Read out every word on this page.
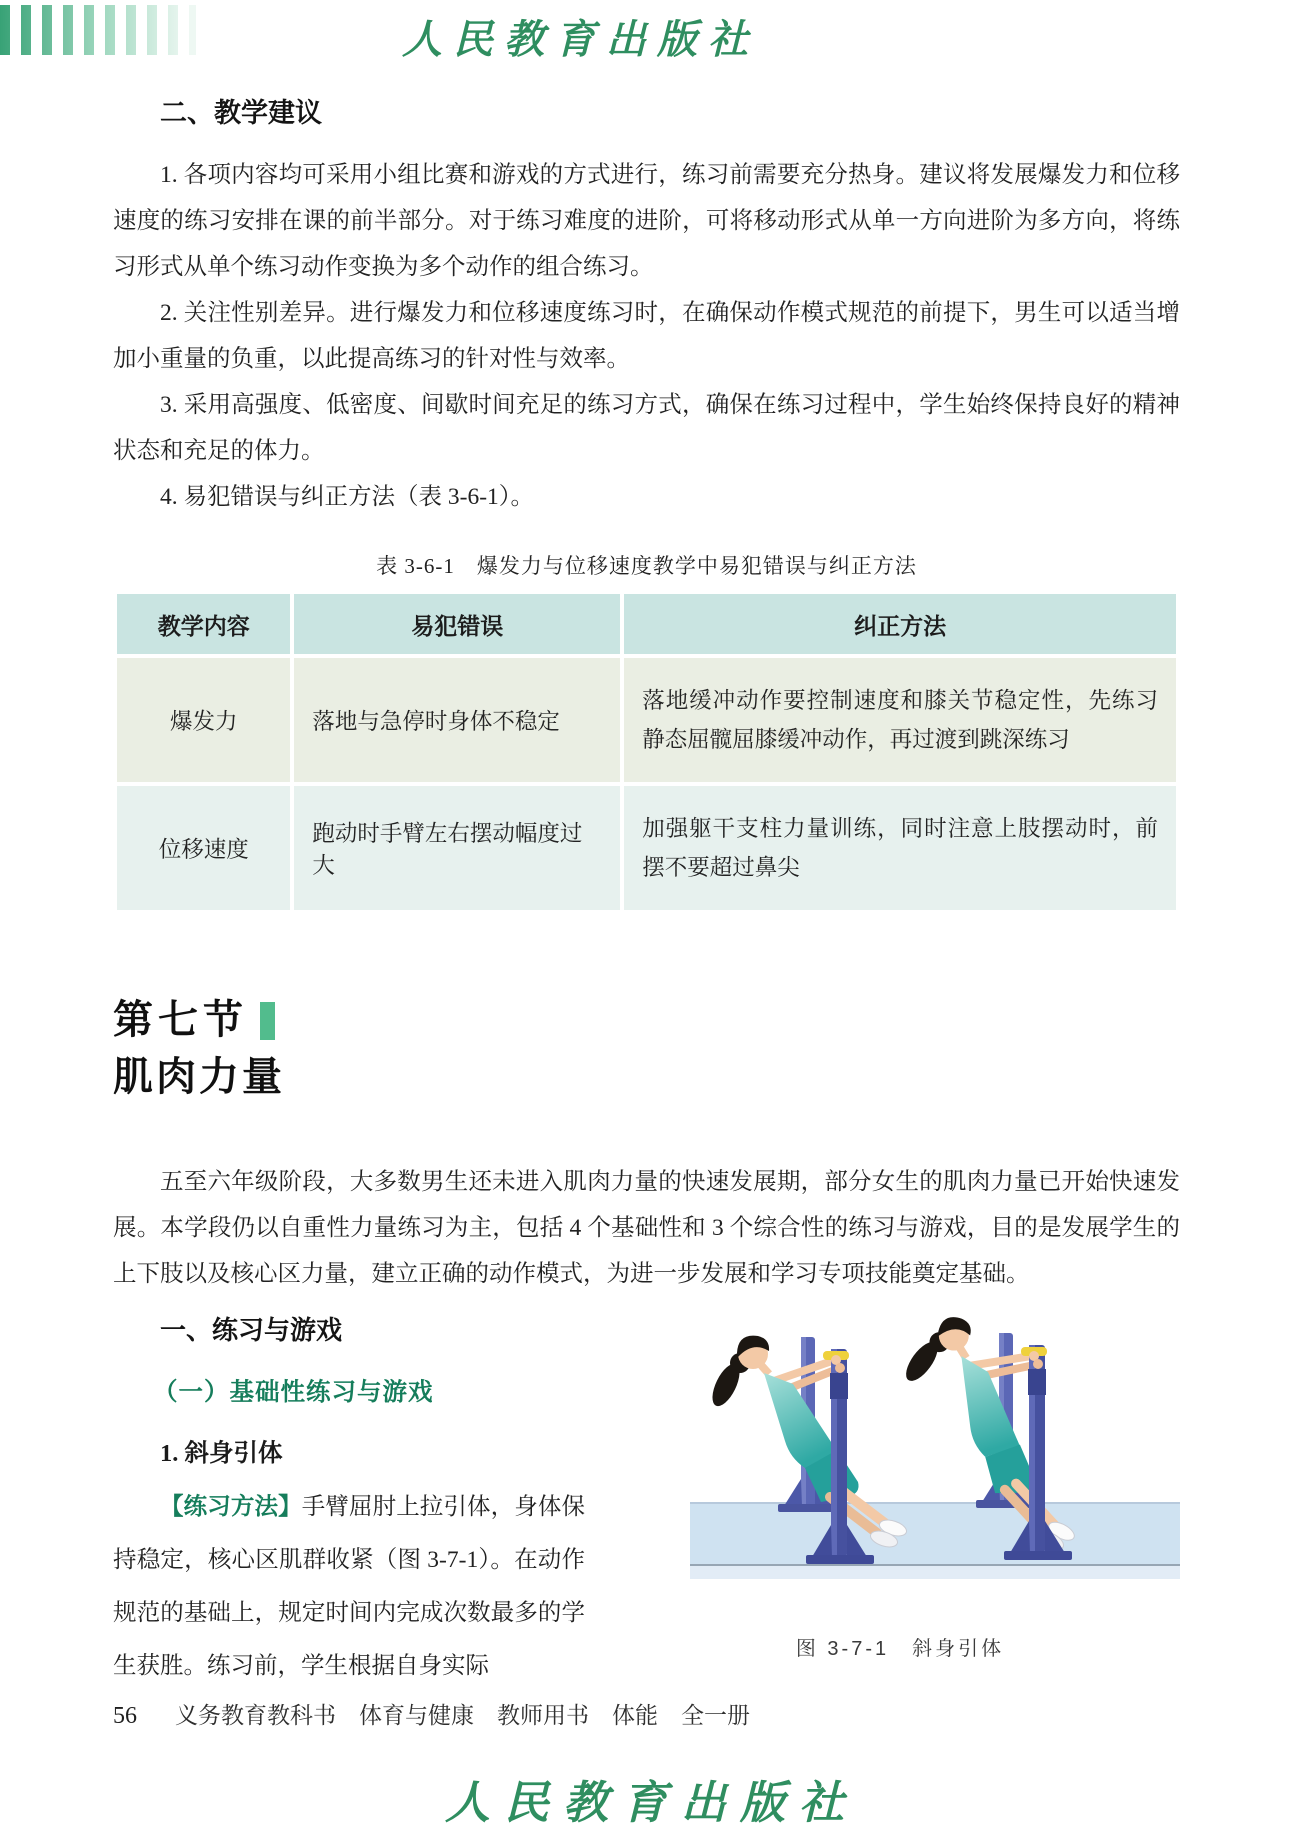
人民教育出版社
二、教学建议

1. 各项内容均可采用小组比赛和游戏的方式进行，练习前需要充分热身。建议将发展爆发力和位移速度的练习安排在课的前半部分。对于练习难度的进阶，可将移动形式从单一方向进阶为多方向，将练习形式从单个练习动作变换为多个动作的组合练习。

2. 关注性别差异。进行爆发力和位移速度练习时，在确保动作模式规范的前提下，男生可以适当增加小重量的负重，以此提高练习的针对性与效率。

3. 采用高强度、低密度、间歇时间充足的练习方式，确保在练习过程中，学生始终保持良好的精神状态和充足的体力。

4. 易犯错误与纠正方法（表 3-6-1）。

表 3-6-1　爆发力与位移速度教学中易犯错误与纠正方法
教学内容	易犯错误	纠正方法
爆发力	落地与急停时身体不稳定	落地缓冲动作要控制速度和膝关节稳定性，先练习静态屈髋屈膝缓冲动作，再过渡到跳深练习
位移速度	跑动时手臂左右摆动幅度过大	加强躯干支柱力量训练，同时注意上肢摆动时，前摆不要超过鼻尖
第七节
肌肉力量

五至六年级阶段，大多数男生还未进入肌肉力量的快速发展期，部分女生的肌肉力量已开始快速发展。本学段仍以自重性力量练习为主，包括 4 个基础性和 3 个综合性的练习与游戏，目的是发展学生的上下肢以及核心区力量，建立正确的动作模式，为进一步发展和学习专项技能奠定基础。

一、练习与游戏
（一）基础性练习与游戏
1. 斜身引体

【练习方法】手臂屈肘上拉引体，身体保持稳定，核心区肌群收紧（图 3-7-1）。在动作规范的基础上，规定时间内完成次数最多的学生获胜。练习前，学生根据自身实际

图 3-7-1　斜身引体
56 义务教育教科书　体育与健康　教师用书　体能　全一册
人民教育出版社
